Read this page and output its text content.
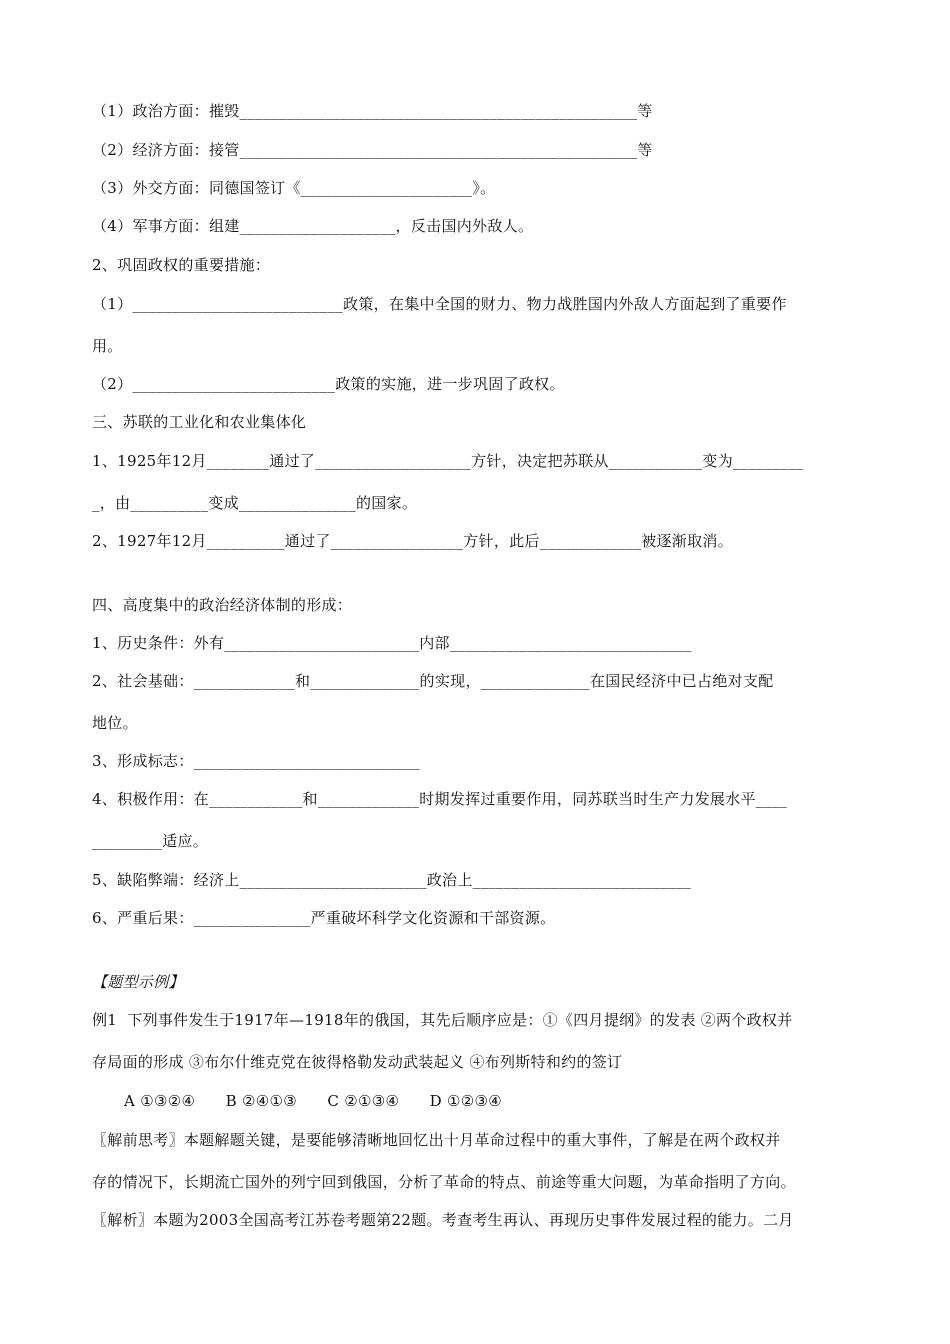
（1）政治方面：摧毁___________________________________________________等
（2）经济方面：接管___________________________________________________等
（3）外交方面：同德国签订《______________________》。
（4）军事方面：组建____________________，反击国内外敌人。
2、巩固政权的重要措施：
（1）___________________________政策，在集中全国的财力、物力战胜国内外敌人方面起到了重要作
用。
（2）__________________________政策的实施，进一步巩固了政权。
三、苏联的工业化和农业集体化
1、1925年12月________通过了____________________方针，决定把苏联从____________变为_________
_，由__________变成_______________的国家。
2、1927年12月__________通过了_________________方针，此后_____________被逐渐取消。
四、高度集中的政治经济体制的形成：
1、历史条件：外有_________________________内部_______________________________
2、社会基础：_____________和______________的实现，______________在国民经济中已占绝对支配
地位。
3、形成标志：_____________________________
4、积极作用：在____________和_____________时期发挥过重要作用，同苏联当时生产力发展水平____
_________适应。
5、缺陷弊端：经济上________________________政治上____________________________
6、严重后果：_______________严重破坏科学文化资源和干部资源。
【题型示例】
例1  下列事件发生于1917年—1918年的俄国，其先后顺序应是：①《四月提纲》的发表 ②两个政权并
存局面的形成 ③布尔什维克党在彼得格勒发动武装起义 ④布列斯特和约的签订
A ①③②④      B ②④①③      C ②①③④      D ①②③④
〖解前思考〗本题解题关键，是要能够清晰地回忆出十月革命过程中的重大事件，了解是在两个政权并
存的情况下，长期流亡国外的列宁回到俄国，分析了革命的特点、前途等重大问题，为革命指明了方向。
〖解析〗本题为2003全国高考江苏卷考题第22题。考查考生再认、再现历史事件发展过程的能力。二月
